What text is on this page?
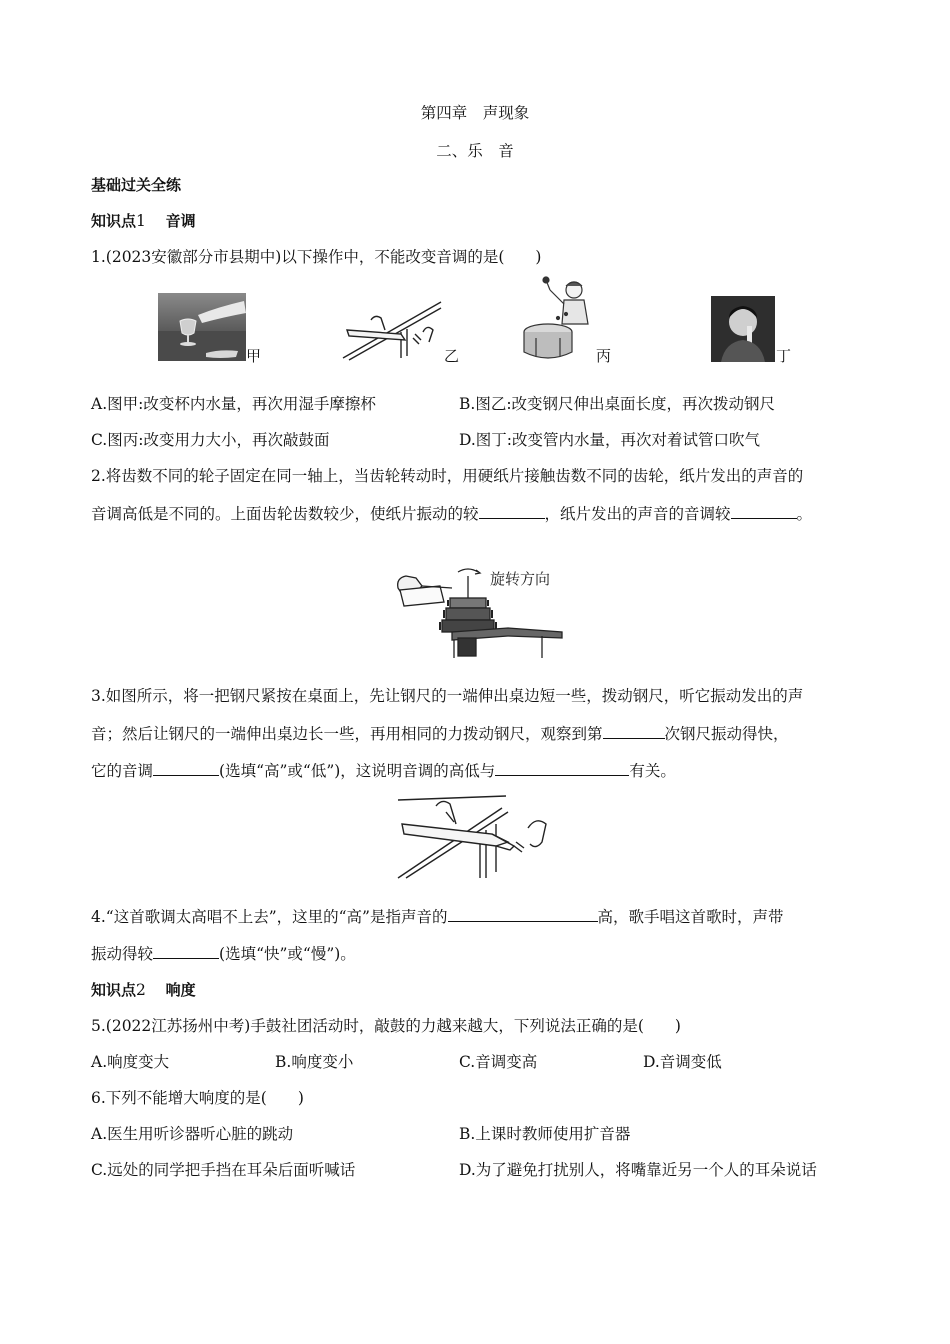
第四章　声现象
二、乐　音
基础过关全练
知识点1 音调
1.(2023安徽部分市县期中)以下操作中，不能改变音调的是(　　)
甲	乙	丙	丁
A.图甲:改变杯内水量，再次用湿手摩擦杯	B.图乙:改变钢尺伸出桌面长度，再次拨动钢尺
C.图丙:改变用力大小，再次敲鼓面	D.图丁:改变管内水量，再次对着试管口吹气
2.将齿数不同的轮子固定在同一轴上，当齿轮转动时，用硬纸片接触齿数不同的齿轮，纸片发出的声音的
音调高低是不同的。上面齿轮齿数较少，使纸片振动的较	，纸片发出的声音的音调较	。
旋转方向
3.如图所示，将一把钢尺紧按在桌面上，先让钢尺的一端伸出桌边短一些，拨动钢尺，听它振动发出的声
音；然后让钢尺的一端伸出桌边长一些，再用相同的力拨动钢尺，观察到第	次钢尺振动得快，
它的音调	(选填“高”或“低”)，这说明音调的高低与	有关。
4.“这首歌调太高唱不上去”，这里的“高”是指声音的	高，歌手唱这首歌时，声带
振动得较	(选填“快”或“慢”)。
知识点2 响度
5.(2022江苏扬州中考)手鼓社团活动时，敲鼓的力越来越大，下列说法正确的是(　　)
A.响度变大	B.响度变小	C.音调变高	D.音调变低
6.下列不能增大响度的是(　　)
A.医生用听诊器听心脏的跳动	B.上课时教师使用扩音器
C.远处的同学把手挡在耳朵后面听喊话	D.为了避免打扰别人，将嘴靠近另一个人的耳朵说话
